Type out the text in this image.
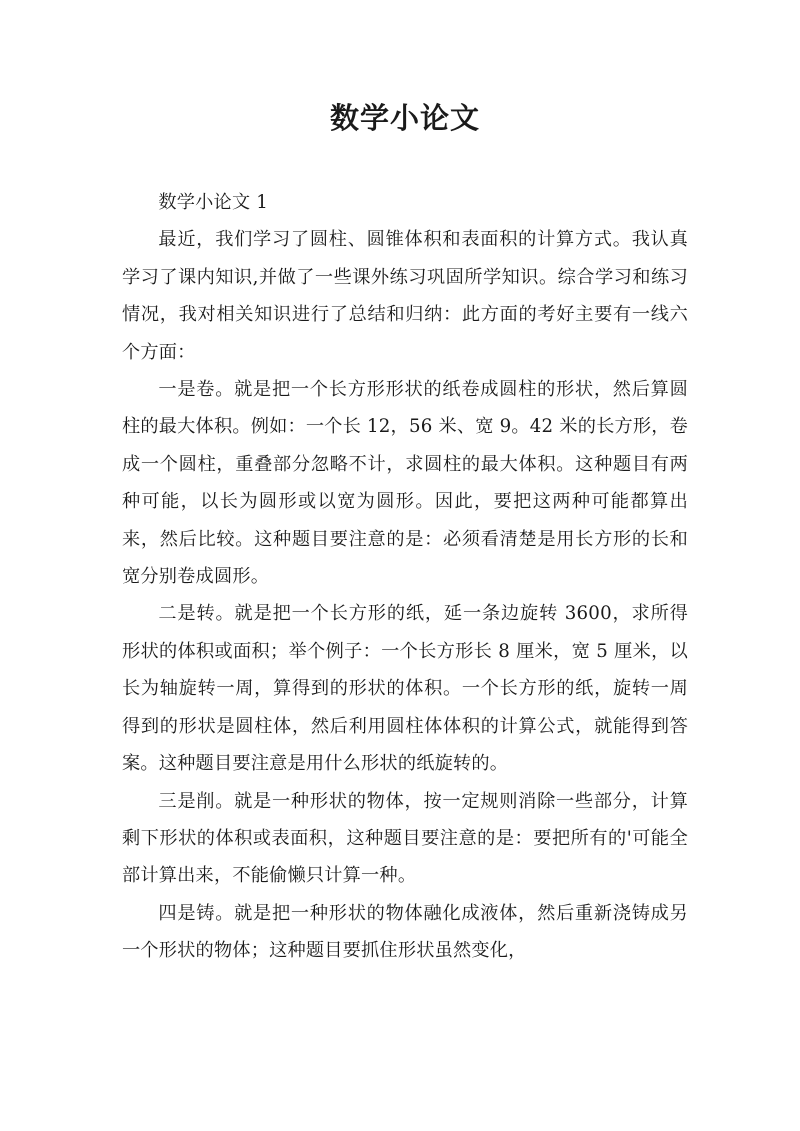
数学小论文

数学小论文 1

最近，我们学习了圆柱、圆锥体积和表面积的计算方式。我认真学习了课内知识,并做了一些课外练习巩固所学知识。综合学习和练习情况，我对相关知识进行了总结和归纳：此方面的考好主要有一线六个方面：

一是卷。就是把一个长方形形状的纸卷成圆柱的形状，然后算圆柱的最大体积。例如：一个长 12，56 米、宽 9。42 米的长方形，卷成一个圆柱，重叠部分忽略不计，求圆柱的最大体积。这种题目有两种可能，以长为圆形或以宽为圆形。因此，要把这两种可能都算出来，然后比较。这种题目要注意的是：必须看清楚是用长方形的长和宽分别卷成圆形。

二是转。就是把一个长方形的纸，延一条边旋转 3600，求所得形状的体积或面积；举个例子：一个长方形长 8 厘米，宽 5 厘米，以长为轴旋转一周，算得到的形状的体积。一个长方形的纸，旋转一周得到的形状是圆柱体，然后利用圆柱体体积的计算公式，就能得到答案。这种题目要注意是用什么形状的纸旋转的。

三是削。就是一种形状的物体，按一定规则消除一些部分，计算剩下形状的体积或表面积，这种题目要注意的是：要把所有的'可能全部计算出来，不能偷懒只计算一种。

四是铸。就是把一种形状的物体融化成液体，然后重新浇铸成另一个形状的物体；这种题目要抓住形状虽然变化，
